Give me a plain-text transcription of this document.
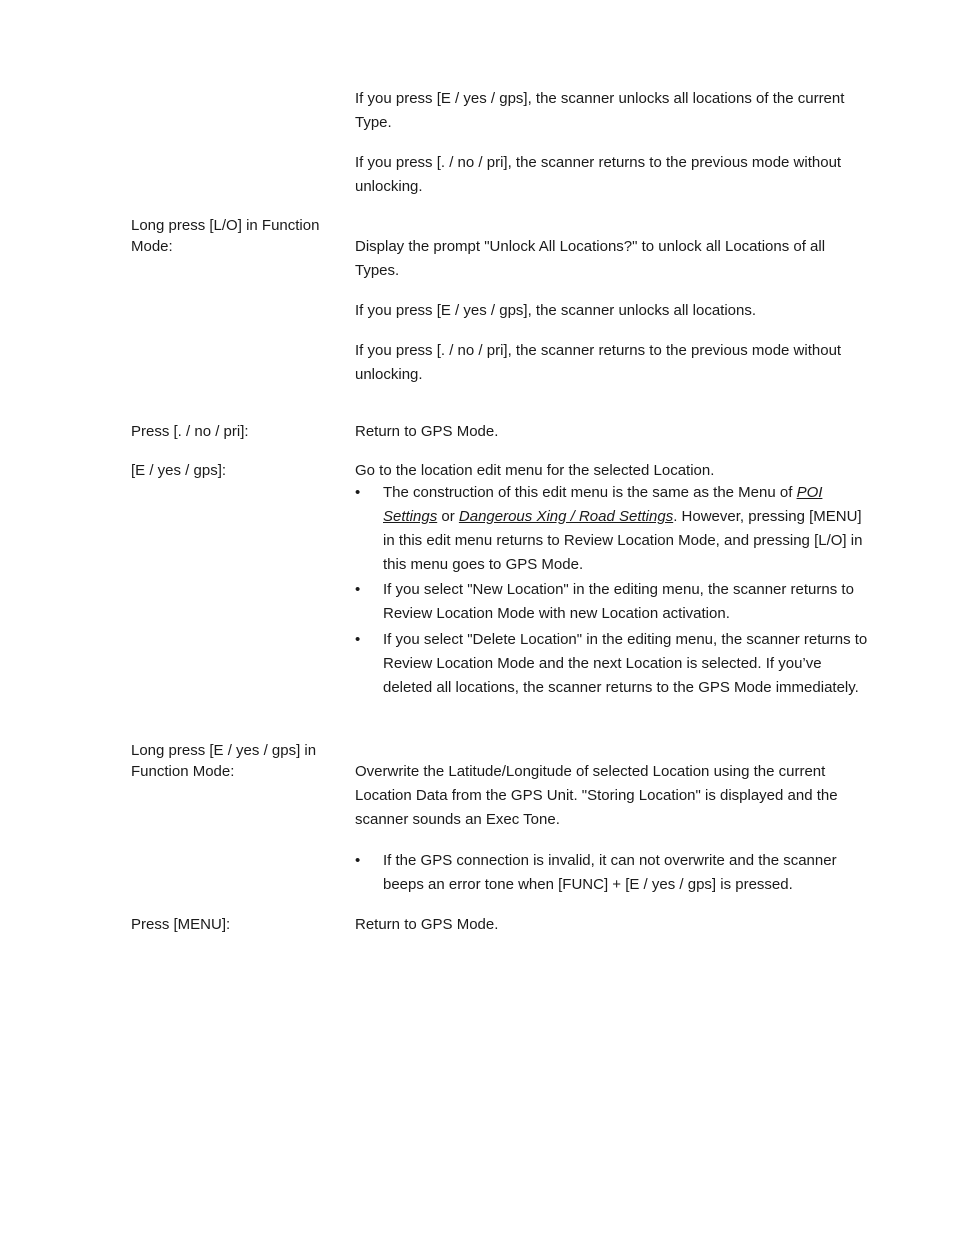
If you press [E / yes / gps], the scanner unlocks all locations of the current Type.

If you press [. / no / pri], the scanner returns to the previous mode without unlocking.

Long press [L/O] in Function Mode:	Display the prompt "Unlock All Locations?" to unlock all Locations of all Types.

If you press [E / yes / gps], the scanner unlocks all locations.

If you press [. / no / pri], the scanner returns to the previous mode without unlocking.

Press [. / no / pri]:	Return to GPS Mode.

[E / yes / gps]:	Go to the location edit menu for the selected Location.

• The construction of this edit menu is the same as the Menu of POI Settings or Dangerous Xing / Road Settings. However, pressing [MENU] in this edit menu returns to Review Location Mode, and pressing [L/O] in this menu goes to GPS Mode.
• If you select "New Location" in the editing menu, the scanner returns to Review Location Mode with new Location activation.
• If you select "Delete Location" in the editing menu, the scanner returns to Review Location Mode and the next Location is selected. If you’ve deleted all locations, the scanner returns to the GPS Mode immediately.

Long press [E / yes / gps] in Function Mode:	Overwrite the Latitude/Longitude of selected Location using the current Location Data from the GPS Unit. "Storing Location" is displayed and the scanner sounds an Exec Tone.

• If the GPS connection is invalid, it can not overwrite and the scanner beeps an error tone when [FUNC] + [E / yes / gps] is pressed.

Press [MENU]:	Return to GPS Mode.
